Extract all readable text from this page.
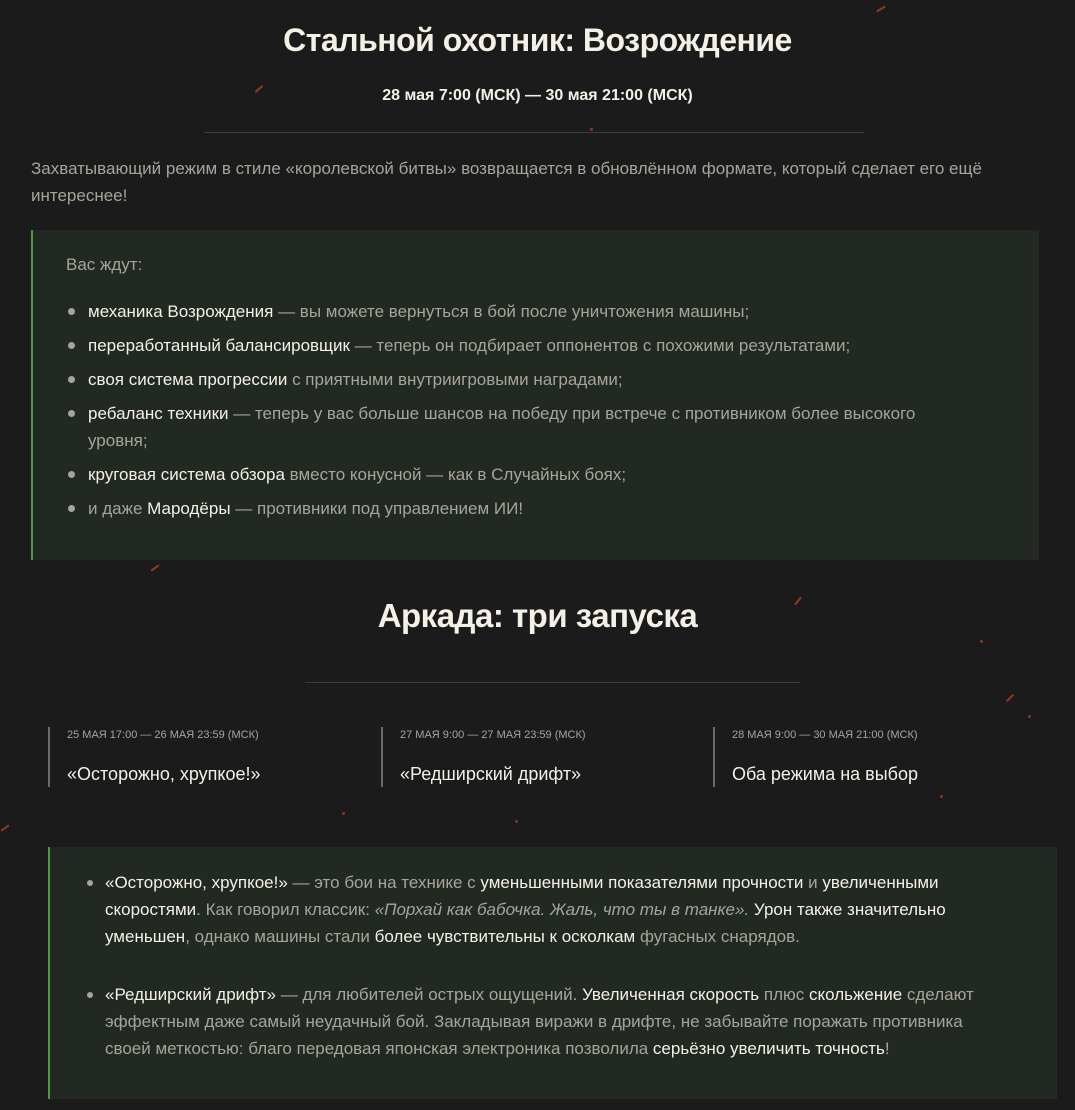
Стальной охотник: Возрождение
28 мая 7:00 (МСК) — 30 мая 21:00 (МСК)
Захватывающий режим в стиле «королевской битвы» возвращается в обновлённом формате, который сделает его ещё интереснее!
Вас ждут:
механика Возрождения — вы можете вернуться в бой после уничтожения машины;
переработанный балансировщик — теперь он подбирает оппонентов с похожими результатами;
своя система прогрессии с приятными внутриигровыми наградами;
ребаланс техники — теперь у вас больше шансов на победу при встрече с противником более высокого уровня;
круговая система обзора вместо конусной — как в Случайных боях;
и даже Мародёры — противники под управлением ИИ!
Аркада: три запуска
25 МАЯ 17:00 — 26 МАЯ 23:59 (МСК)
«Осторожно, хрупкое!»
27 МАЯ 9:00 — 27 МАЯ 23:59 (МСК)
«Редширский дрифт»
28 МАЯ 9:00 — 30 МАЯ 21:00 (МСК)
Оба режима на выбор
«Осторожно, хрупкое!» — это бои на технике с уменьшенными показателями прочности и увеличенными скоростями. Как говорил классик: «Порхай как бабочка. Жаль, что ты в танке». Урон также значительно уменьшен, однако машины стали более чувствительны к осколкам фугасных снарядов.
«Редширский дрифт» — для любителей острых ощущений. Увеличенная скорость плюс скольжение сделают эффектным даже самый неудачный бой. Закладывая виражи в дрифте, не забывайте поражать противника своей меткостью: благо передовая японская электроника позволила серьёзно увеличить точность!
